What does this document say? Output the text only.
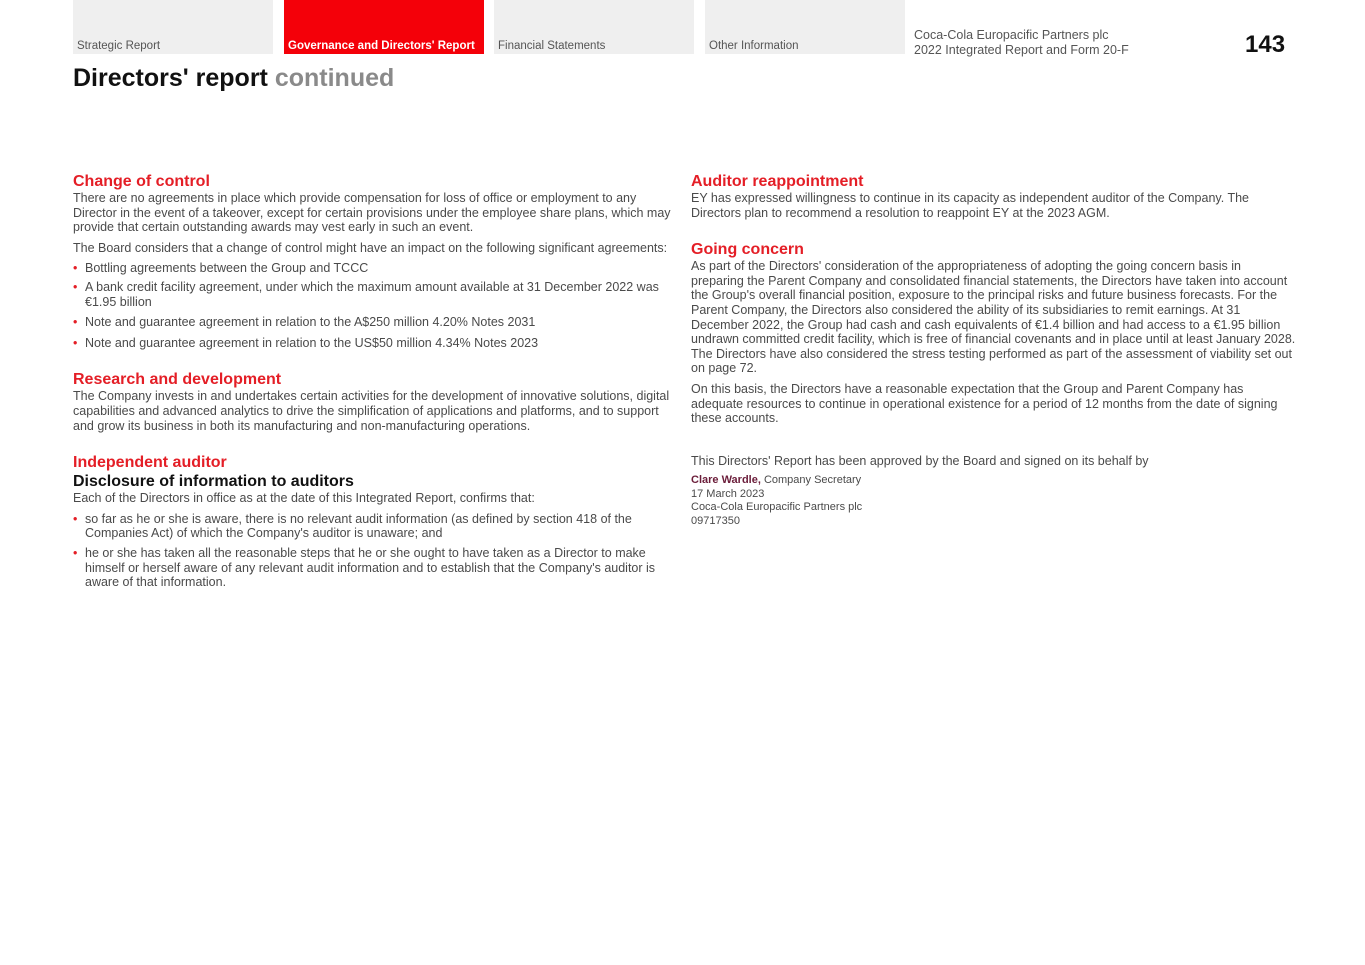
Strategic Report	Governance and Directors' Report Financial Statements	Other Information
Coca-Cola Europacific Partners plc
2022 Integrated Report and Form 20-F	143
Directors' report continued
Change of control

There are no agreements in place which provide compensation for loss of office or employment to any Director in the event of a takeover, except for certain provisions under the employee share plans, which may provide that certain outstanding awards may vest early in such an event.

The Board considers that a change of control might have an impact on the following significant agreements:

• Bottling agreements between the Group and TCCC
• A bank credit facility agreement, under which the maximum amount available at 31 December 2022 was €1.95 billion
• Note and guarantee agreement in relation to the A$250 million 4.20% Notes 2031
• Note and guarantee agreement in relation to the US$50 million 4.34% Notes 2023
Research and development

The Company invests in and undertakes certain activities for the development of innovative solutions, digital capabilities and advanced analytics to drive the simplification of applications and platforms, and to support and grow its business in both its manufacturing and non-manufacturing operations.

Independent auditor
Disclosure of information to auditors

Each of the Directors in office as at the date of this Integrated Report, confirms that:

• so far as he or she is aware, there is no relevant audit information (as defined by section 418 of the Companies Act) of which the Company's auditor is unaware; and
• he or she has taken all the reasonable steps that he or she ought to have taken as a Director to make himself or herself aware of any relevant audit information and to establish that the Company's auditor is aware of that information.
Auditor reappointment

EY has expressed willingness to continue in its capacity as independent auditor of the Company. The Directors plan to recommend a resolution to reappoint EY at the 2023 AGM.

Going concern

As part of the Directors' consideration of the appropriateness of adopting the going concern basis in preparing the Parent Company and consolidated financial statements, the Directors have taken into account the Group's overall financial position, exposure to the principal risks and future business forecasts. For the Parent Company, the Directors also considered the ability of its subsidiaries to remit earnings. At 31 December 2022, the Group had cash and cash equivalents of €1.4 billion and had access to a €1.95 billion undrawn committed credit facility, which is free of financial covenants and in place until at least January 2028. The Directors have also considered the stress testing performed as part of the assessment of viability set out on page 72.

On this basis, the Directors have a reasonable expectation that the Group and Parent Company has adequate resources to continue in operational existence for a period of 12 months from the date of signing these accounts.

This Directors' Report has been approved by the Board and signed on its behalf by

Clare Wardle, Company Secretary
17 March 2023
Coca-Cola Europacific Partners plc
09717350
